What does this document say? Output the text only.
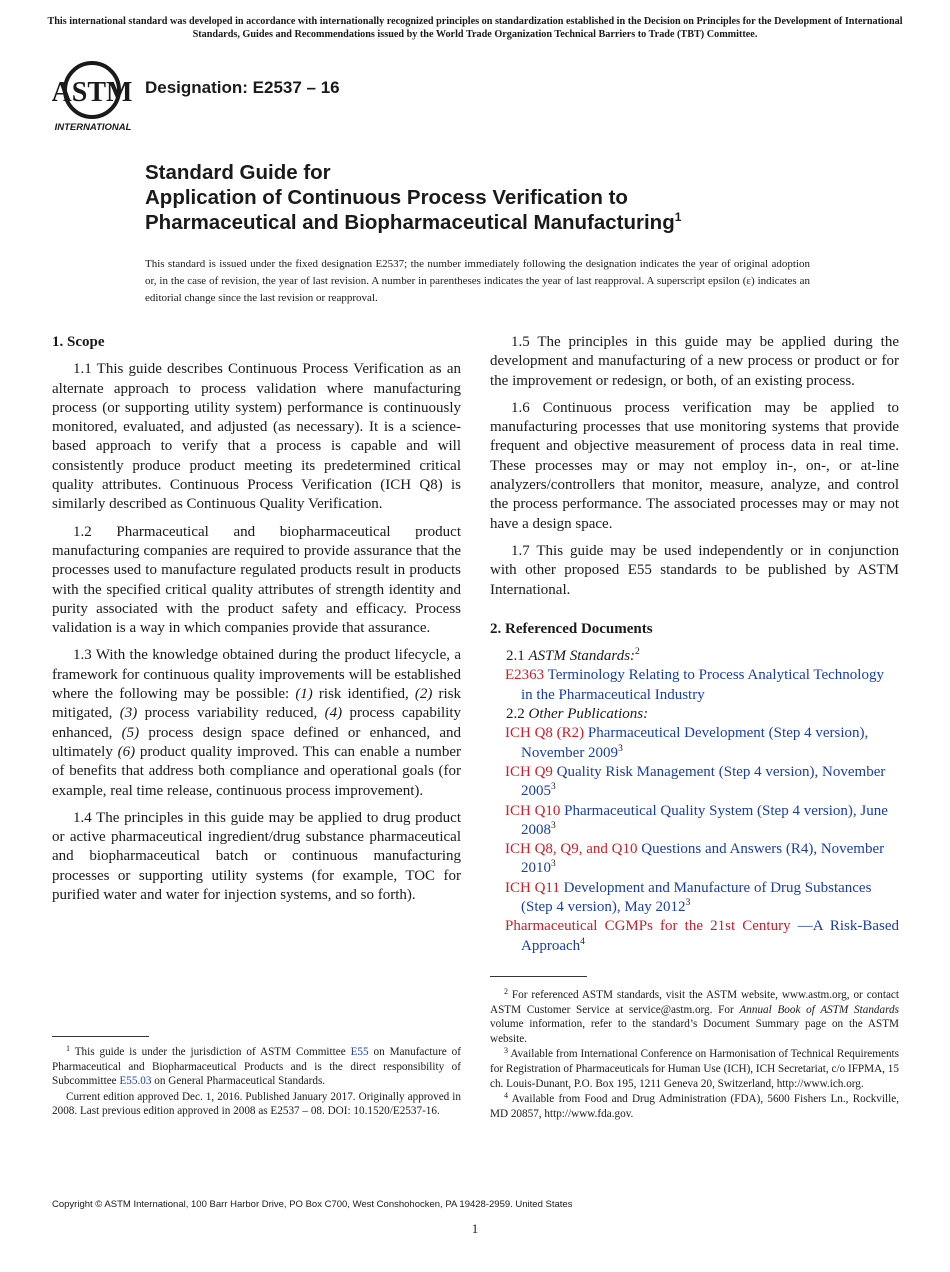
This international standard was developed in accordance with internationally recognized principles on standardization established in the Decision on Principles for the Development of International Standards, Guides and Recommendations issued by the World Trade Organization Technical Barriers to Trade (TBT) Committee.
ASTM
INTERNATIONAL
Designation: E2537 – 16
Standard Guide for
Application of Continuous Process Verification to
Pharmaceutical and Biopharmaceutical Manufacturing$^1$
This standard is issued under the fixed designation E2537; the number immediately following the designation indicates the year of original adoption or, in the case of revision, the year of last revision. A number in parentheses indicates the year of last reapproval. A superscript epsilon (ε) indicates an editorial change since the last revision or reapproval.
1. Scope

1.1 This guide describes Continuous Process Verification as an alternate approach to process validation where manufacturing process (or supporting utility system) performance is continuously monitored, evaluated, and adjusted (as necessary). It is a science-based approach to verify that a process is capable and will consistently produce product meeting its predetermined critical quality attributes. Continuous Process Verification (ICH Q8) is similarly described as Continuous Quality Verification.

1.2 Pharmaceutical and biopharmaceutical product manufacturing companies are required to provide assurance that the processes used to manufacture regulated products result in products with the specified critical quality attributes of strength identity and purity associated with the product safety and efficacy. Process validation is a way in which companies provide that assurance.

1.3 With the knowledge obtained during the product lifecycle, a framework for continuous quality improvements will be established where the following may be possible: (1) risk identified, (2) risk mitigated, (3) process variability reduced, (4) process capability enhanced, (5) process design space defined or enhanced, and ultimately (6) product quality improved. This can enable a number of benefits that address both compliance and operational goals (for example, real time release, continuous process improvement).

1.4 The principles in this guide may be applied to drug product or active pharmaceutical ingredient/drug substance pharmaceutical and biopharmaceutical batch or continuous manufacturing processes or supporting utility systems (for example, TOC for purified water and water for injection systems, and so forth).

1.5 The principles in this guide may be applied during the development and manufacturing of a new process or product or for the improvement or redesign, or both, of an existing process.

1.6 Continuous process verification may be applied to manufacturing processes that use monitoring systems that provide frequent and objective measurement of process data in real time. These processes may or may not employ in-, on-, or at-line analyzers/controllers that monitor, measure, analyze, and control the process performance. The associated processes may or may not have a design space.

1.7 This guide may be used independently or in conjunction with other proposed E55 standards to be published by ASTM International.

2. Referenced Documents
2.1 ASTM Standards:$^2$
E2363 Terminology Relating to Process Analytical Technology in the Pharmaceutical Industry
2.2 Other Publications:
ICH Q8 (R2) Pharmaceutical Development (Step 4 version), November 2009$^3$
ICH Q9 Quality Risk Management (Step 4 version), November 2005$^3$
ICH Q10 Pharmaceutical Quality System (Step 4 version), June 2008$^3$
ICH Q8, Q9, and Q10 Questions and Answers (R4), November 2010$^3$
ICH Q11 Development and Manufacture of Drug Substances (Step 4 version), May 2012$^3$
Pharmaceutical CGMPs for the 21st Century —A Risk-Based Approach$^4$

$^1$ This guide is under the jurisdiction of ASTM Committee E55 on Manufacture of Pharmaceutical and Biopharmaceutical Products and is the direct responsibility of Subcommittee E55.03 on General Pharmaceutical Standards.

Current edition approved Dec. 1, 2016. Published January 2017. Originally approved in 2008. Last previous edition approved in 2008 as E2537 – 08. DOI: 10.1520/E2537-16.

$^2$ For referenced ASTM standards, visit the ASTM website, www.astm.org, or contact ASTM Customer Service at service@astm.org. For Annual Book of ASTM Standards volume information, refer to the standard’s Document Summary page on the ASTM website.

$^3$ Available from International Conference on Harmonisation of Technical Requirements for Registration of Pharmaceuticals for Human Use (ICH), ICH Secretariat, c/o IFPMA, 15 ch. Louis-Dunant, P.O. Box 195, 1211 Geneva 20, Switzerland, http://www.ich.org.

$^4$ Available from Food and Drug Administration (FDA), 5600 Fishers Ln., Rockville, MD 20857, http://www.fda.gov.

Copyright © ASTM International, 100 Barr Harbor Drive, PO Box C700, West Conshohocken, PA 19428-2959. United States
1
